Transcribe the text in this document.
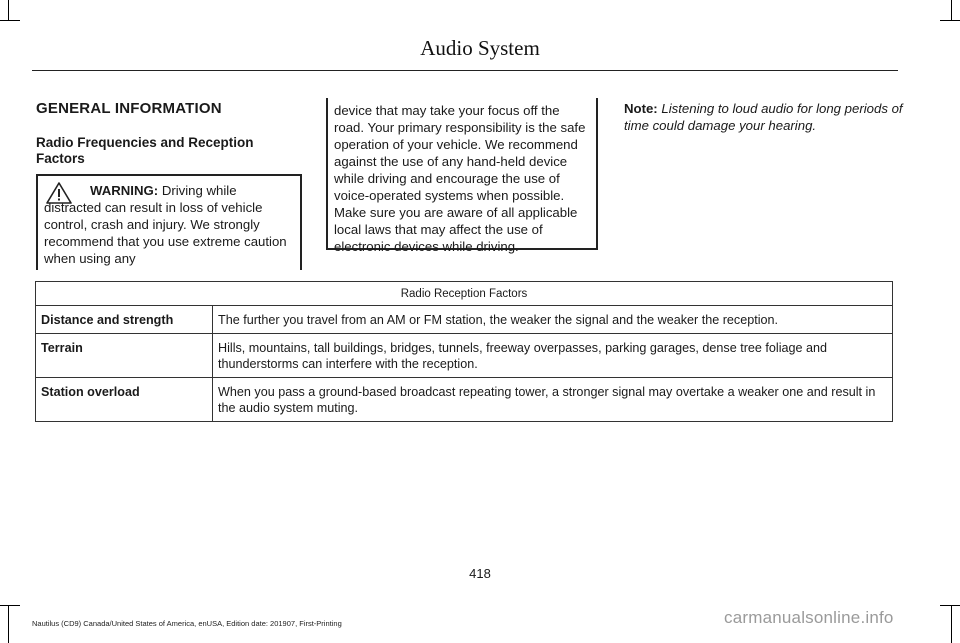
Audio System
GENERAL INFORMATION
Radio Frequencies and Reception Factors
WARNING: Driving while distracted can result in loss of vehicle control, crash and injury. We strongly recommend that you use extreme caution when using any
device that may take your focus off the road. Your primary responsibility is the safe operation of your vehicle. We recommend against the use of any hand-held device while driving and encourage the use of voice-operated systems when possible. Make sure you are aware of all applicable local laws that may affect the use of electronic devices while driving.
Note: Listening to loud audio for long periods of time could damage your hearing.
Radio Reception Factors	
Distance and strength	The further you travel from an AM or FM station, the weaker the signal and the weaker the reception.
Terrain	Hills, mountains, tall buildings, bridges, tunnels, freeway overpasses, parking garages, dense tree foliage and thunderstorms can interfere with the reception.
Station overload	When you pass a ground-based broadcast repeating tower, a stronger signal may overtake a weaker one and result in the audio system muting.
418
Nautilus (CD9) Canada/United States of America, enUSA, Edition date: 201907, First-Printing	carmanualsonline.info
